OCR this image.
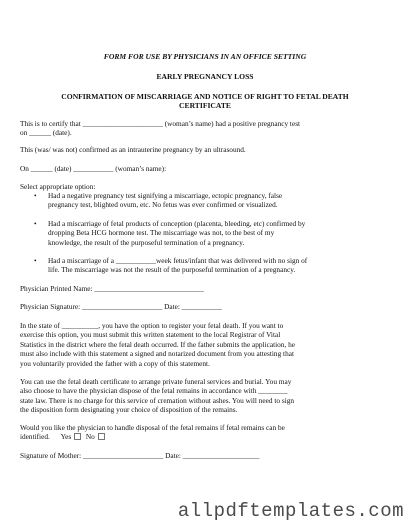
FORM FOR USE BY PHYSICIANS IN AN OFFICE SETTING
EARLY PREGNANCY LOSS
CONFIRMATION OF MISCARRIAGE AND NOTICE OF RIGHT TO FETAL DEATH
CERTIFICATE
This is to certify that ______________________ (woman’s name) had a positive pregnancy test
on ______ (date).
This (was/ was not) confirmed as an intrauterine pregnancy by an ultrasound.
On ______ (date) ___________ (woman’s name):
Select appropriate option:
• Had a negative pregnancy test signifying a miscarriage, ectopic pregnancy, false
pregnancy test, blighted ovum, etc. No fetus was ever confirmed or visualized.
• Had a miscarriage of fetal products of conception (placenta, bleeding, etc) confirmed by
dropping Beta HCG hormone test. The miscarriage was not, to the best of my
knowledge, the result of the purposeful termination of a pregnancy.
• Had a miscarriage of a ___________week fetus/infant that was delivered with no sign of
life. The miscarriage was not the result of the purposeful termination of a pregnancy.
Physician Printed Name: ______________________________
Physician Signature: ______________________ Date: ___________
In the state of __________, you have the option to register your fetal death. If you want to
exercise this option, you must submit this written statement to the local Registrar of Vital
Statistics in the district where the fetal death occurred. If the father submits the application, he
must also include with this statement a signed and notarized document from you attesting that
you voluntarily provided the father with a copy of this statement.
You can use the fetal death certificate to arrange private funeral services and burial. You may
also choose to have the physician dispose of the fetal remains in accordance with ________
state law. There is no charge for this service of cremation without ashes. You will need to sign
the disposition form designating your choice of disposition of the remains.
Would you like the physician to handle disposal of the fetal remains if fetal remains can be
identified. Yes No
Signature of Mother: ______________________ Date: _____________________
allpdftemplates.com
